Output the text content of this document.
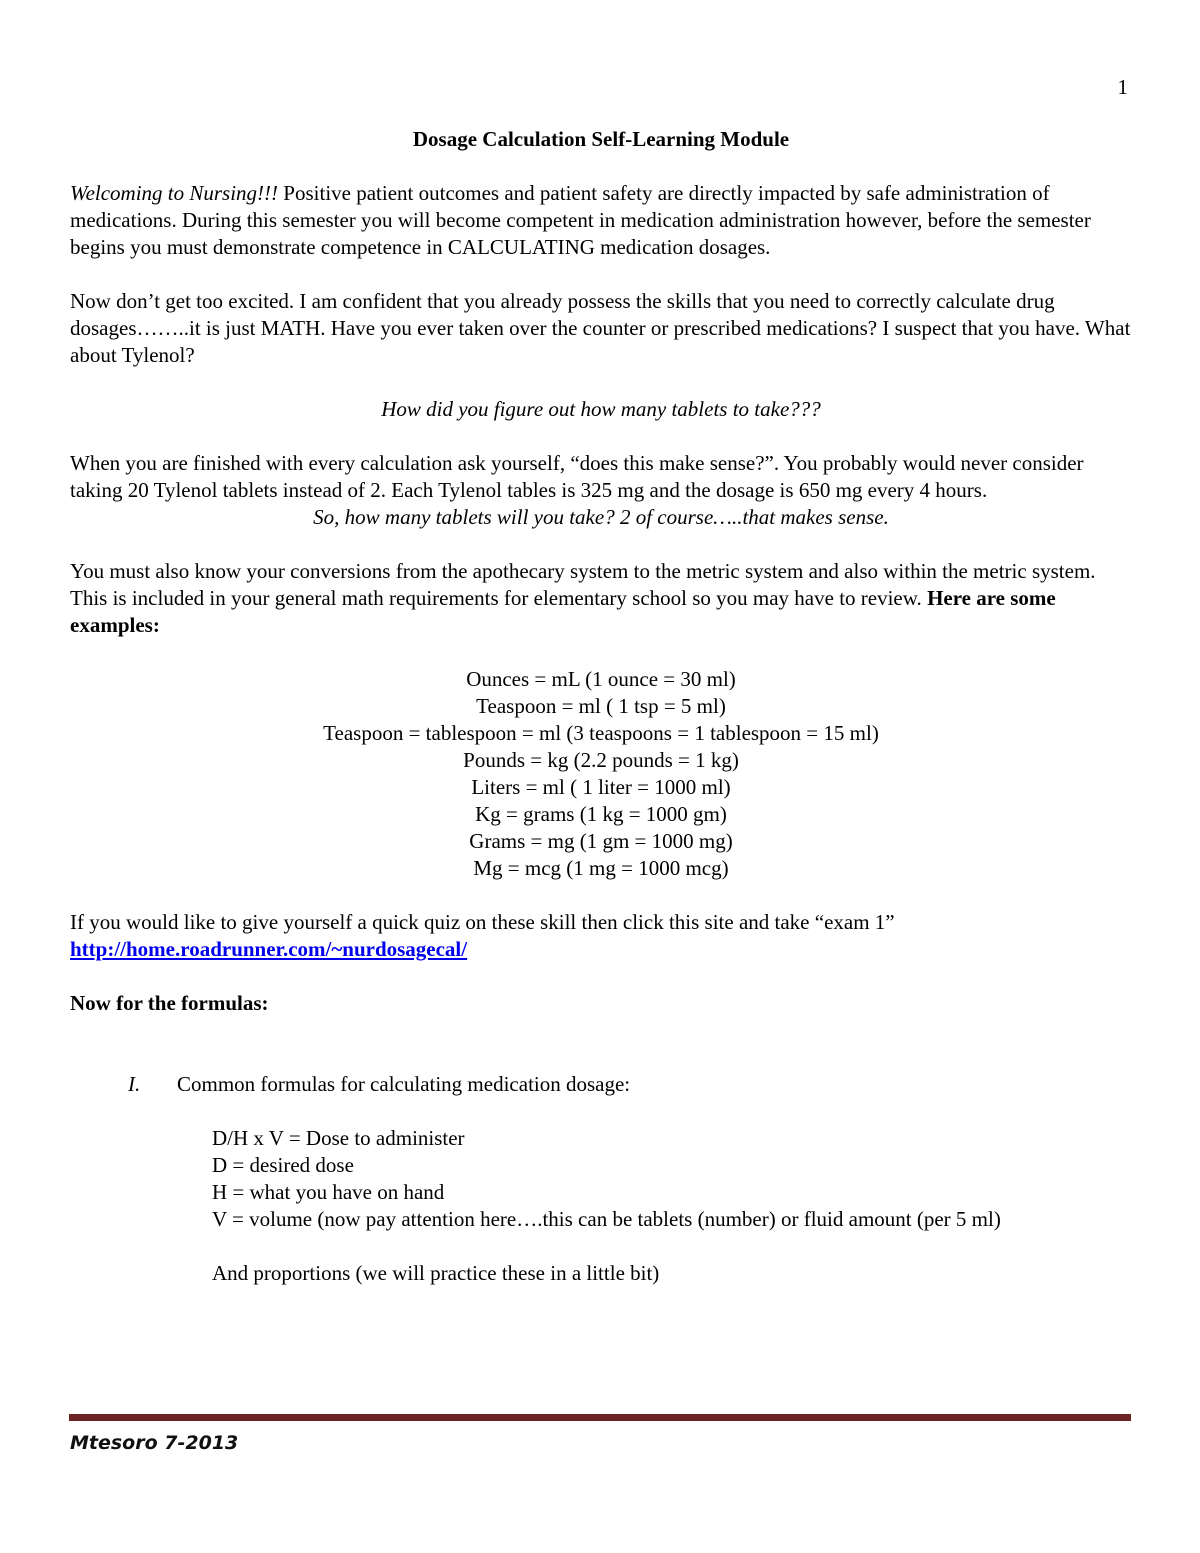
1

Dosage Calculation Self-Learning Module

Welcoming to Nursing!!! Positive patient outcomes and patient safety are directly impacted by safe administration of medications. During this semester you will become competent in medication administration however, before the semester begins you must demonstrate competence in CALCULATING medication dosages.

Now don’t get too excited. I am confident that you already possess the skills that you need to correctly calculate drug dosages……..it is just MATH. Have you ever taken over the counter or prescribed medications? I suspect that you have. What about Tylenol?

How did you figure out how many tablets to take???

When you are finished with every calculation ask yourself, “does this make sense?”. You probably would never consider taking 20 Tylenol tablets instead of 2. Each Tylenol tables is 325 mg and the dosage is 650 mg every 4 hours.

So, how many tablets will you take? 2 of course…..that makes sense.

You must also know your conversions from the apothecary system to the metric system and also within the metric system. This is included in your general math requirements for elementary school so you may have to review. Here are some examples:

Ounces = mL (1 ounce = 30 ml)

Teaspoon = ml ( 1 tsp = 5 ml)

Teaspoon = tablespoon = ml (3 teaspoons = 1 tablespoon = 15 ml)

Pounds = kg (2.2 pounds = 1 kg)

Liters = ml ( 1 liter = 1000 ml)

Kg = grams (1 kg = 1000 gm)

Grams = mg (1 gm = 1000 mg)

Mg = mcg (1 mg = 1000 mcg)

If you would like to give yourself a quick quiz on these skill then click this site and take “exam 1”

http://home.roadrunner.com/~nurdosagecal/

Now for the formulas:

I. Common formulas for calculating medication dosage:

D/H x V = Dose to administer

D = desired dose

H = what you have on hand

V = volume (now pay attention here….this can be tablets (number) or fluid amount (per 5 ml)

And proportions (we will practice these in a little bit)

Mtesoro 7-2013
